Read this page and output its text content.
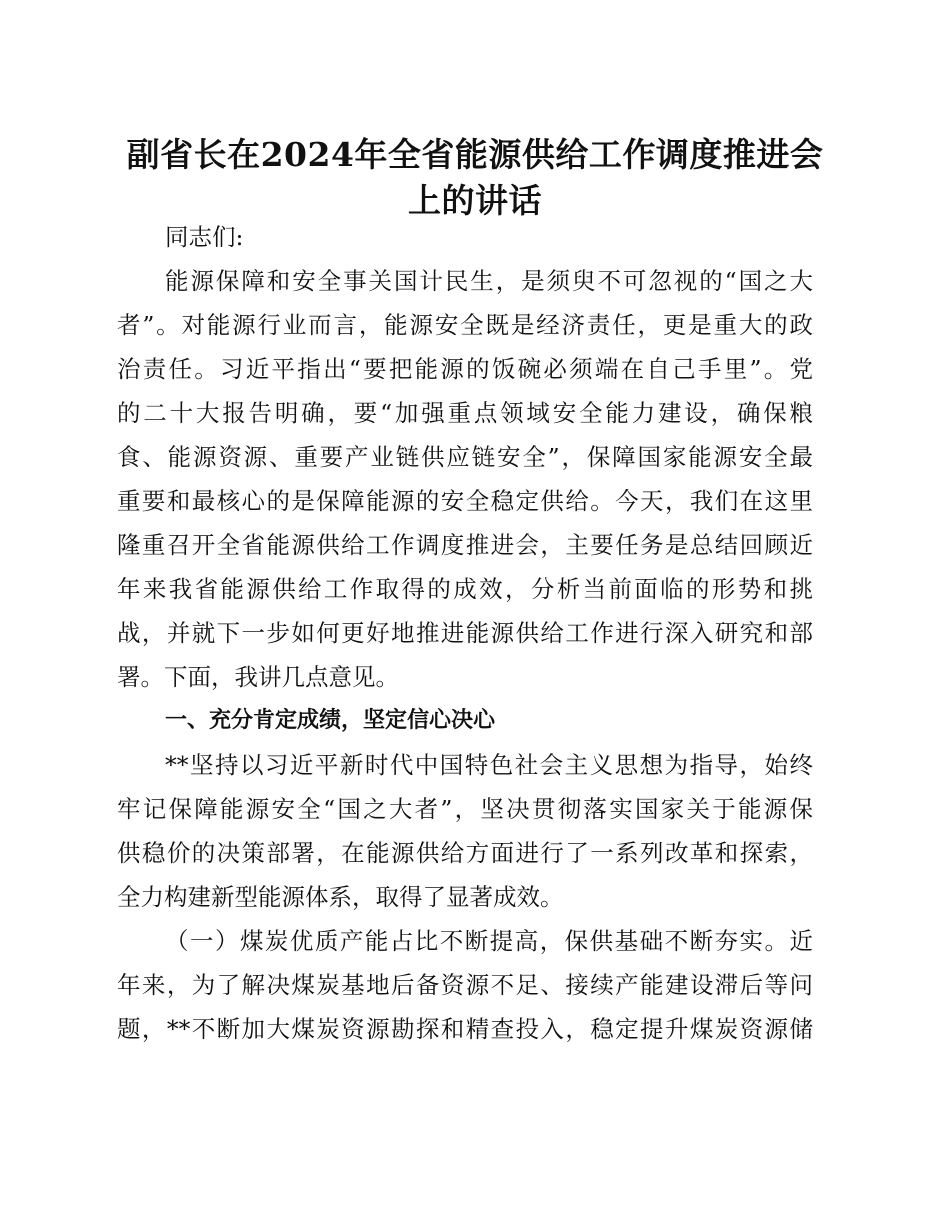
副省长在2024年全省能源供给工作调度推进会
上的讲话
同志们:
能源保障和安全事关国计民生，是须臾不可忽视的“国之大
者”。对能源行业而言，能源安全既是经济责任，更是重大的政
治责任。习近平指出“要把能源的饭碗必须端在自己手里”。党
的二十大报告明确，要“加强重点领域安全能力建设，确保粮
食、能源资源、重要产业链供应链安全”，保障国家能源安全最
重要和最核心的是保障能源的安全稳定供给。今天，我们在这里
隆重召开全省能源供给工作调度推进会，主要任务是总结回顾近
年来我省能源供给工作取得的成效，分析当前面临的形势和挑
战，并就下一步如何更好地推进能源供给工作进行深入研究和部
署。下面，我讲几点意见。
一、充分肯定成绩，坚定信心决心
**坚持以习近平新时代中国特色社会主义思想为指导，始终
牢记保障能源安全“国之大者”，坚决贯彻落实国家关于能源保
供稳价的决策部署，在能源供给方面进行了一系列改革和探索，
全力构建新型能源体系，取得了显著成效。
（一）煤炭优质产能占比不断提高，保供基础不断夯实。近
年来，为了解决煤炭基地后备资源不足、接续产能建设滞后等问
题，**不断加大煤炭资源勘探和精查投入，稳定提升煤炭资源储
